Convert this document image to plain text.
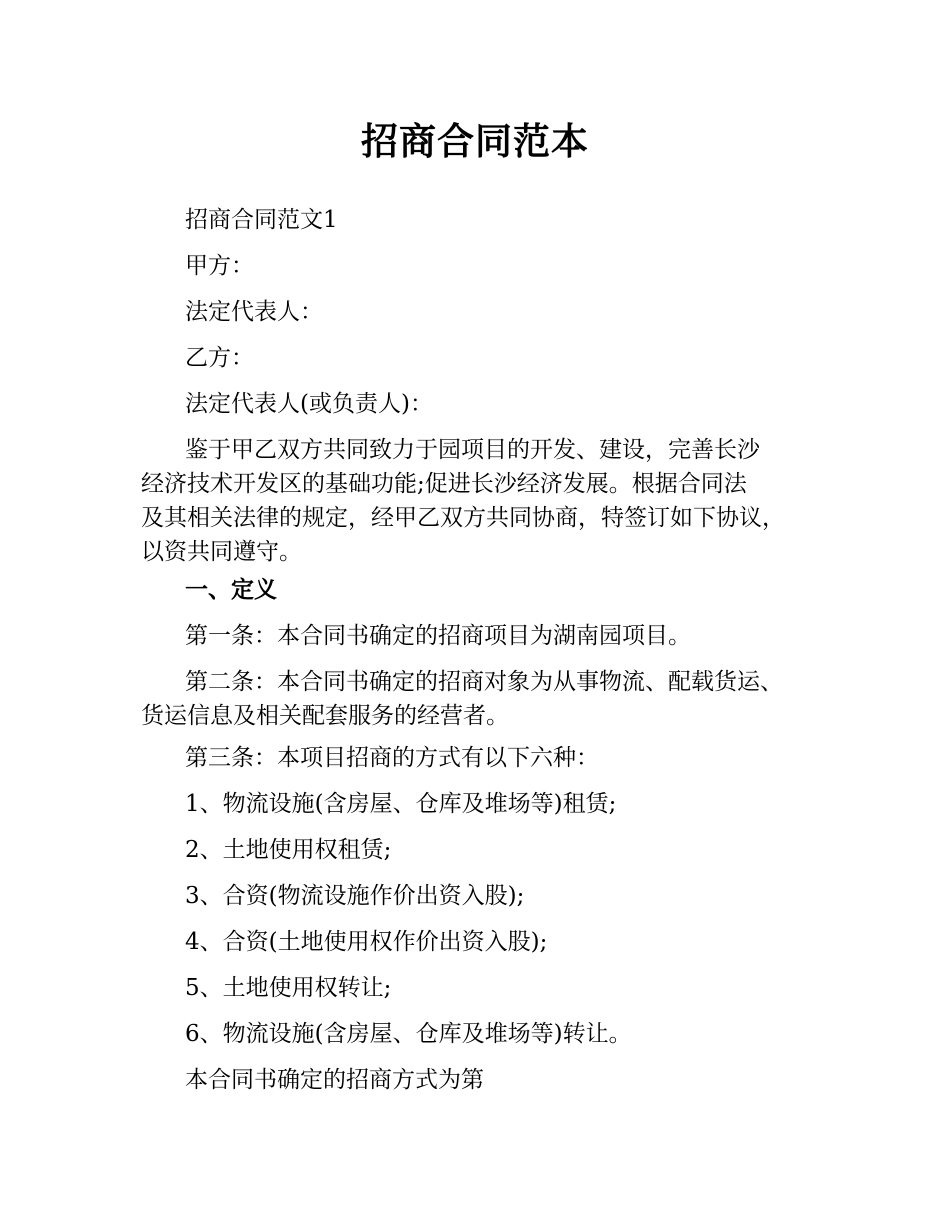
招商合同范本
招商合同范文1
甲方：
法定代表人：
乙方：
法定代表人(或负责人)：
鉴于甲乙双方共同致力于园项目的开发、建设，完善长沙
经济技术开发区的基础功能;促进长沙经济发展。根据合同法
及其相关法律的规定，经甲乙双方共同协商，特签订如下协议，
以资共同遵守。
一、定义
第一条：本合同书确定的招商项目为湖南园项目。
第二条：本合同书确定的招商对象为从事物流、配载货运、
货运信息及相关配套服务的经营者。
第三条：本项目招商的方式有以下六种：
1、物流设施(含房屋、仓库及堆场等)租赁;
2、土地使用权租赁;
3、合资(物流设施作价出资入股);
4、合资(土地使用权作价出资入股);
5、土地使用权转让;
6、物流设施(含房屋、仓库及堆场等)转让。
本合同书确定的招商方式为第
